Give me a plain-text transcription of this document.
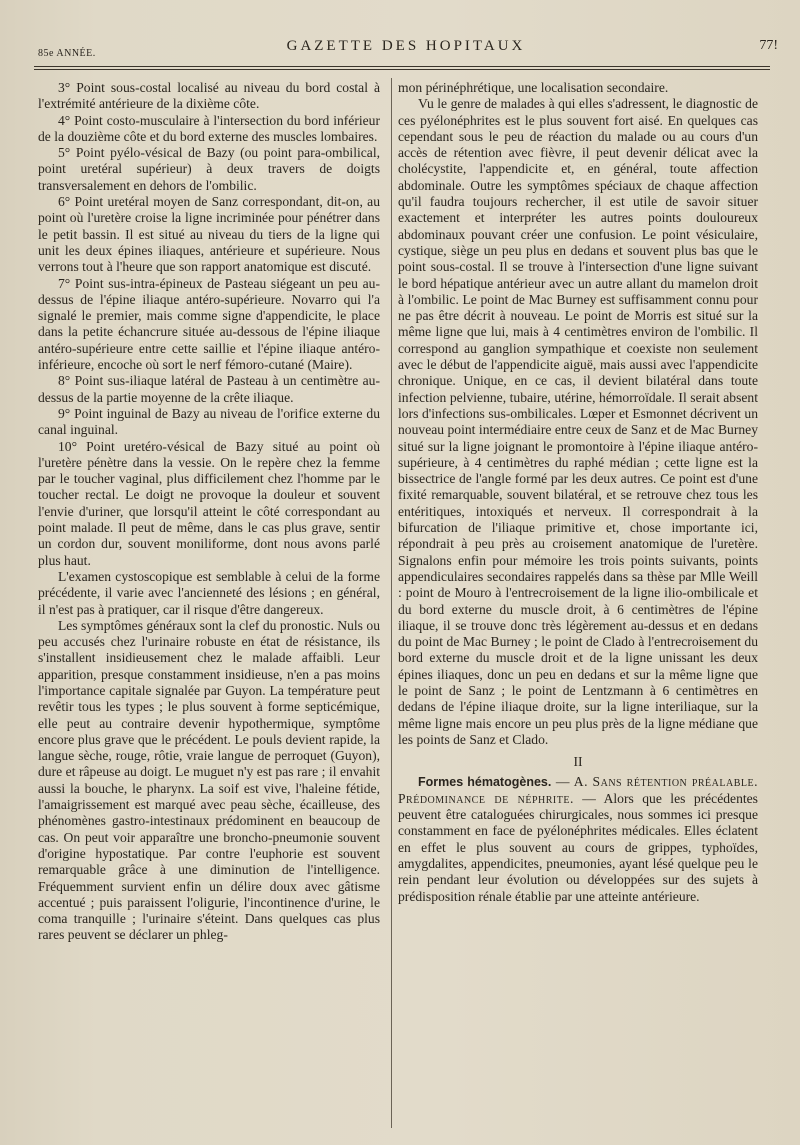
85e ANNÉE.	GAZETTE DES HOPITAUX	77!

3° Point sous-costal localisé au niveau du bord costal à l'extrémité antérieure de la dixième côte.

4° Point costo-musculaire à l'intersection du bord inférieur de la douzième côte et du bord externe des muscles lombaires.

5° Point pyélo-vésical de Bazy (ou point para-ombilical, point uretéral supérieur) à deux travers de doigts transversalement en dehors de l'ombilic.

6° Point uretéral moyen de Sanz correspondant, dit-on, au point où l'uretère croise la ligne incriminée pour pénétrer dans le petit bassin. Il est situé au niveau du tiers de la ligne qui unit les deux épines iliaques, antérieure et supérieure. Nous verrons tout à l'heure que son rapport anatomique est discuté.

7° Point sus-intra-épineux de Pasteau siégeant un peu au-dessus de l'épine iliaque antéro-supérieure. Novarro qui l'a signalé le premier, mais comme signe d'appendicite, le place dans la petite échancrure située au-dessous de l'épine iliaque antéro-supérieure entre cette saillie et l'épine iliaque antéro-inférieure, encoche où sort le nerf fémoro-cutané (Maire).

8° Point sus-iliaque latéral de Pasteau à un centimètre au-dessus de la partie moyenne de la crête iliaque.

9° Point inguinal de Bazy au niveau de l'orifice externe du canal inguinal.

10° Point uretéro-vésical de Bazy situé au point où l'uretère pénètre dans la vessie. On le repère chez la femme par le toucher vaginal, plus difficilement chez l'homme par le toucher rectal. Le doigt ne provoque la douleur et souvent l'envie d'uriner, que lorsqu'il atteint le côté correspondant au point malade. Il peut de même, dans le cas plus grave, sentir un cordon dur, souvent moniliforme, dont nous avons parlé plus haut.

L'examen cystoscopique est semblable à celui de la forme précédente, il varie avec l'ancienneté des lésions ; en général, il n'est pas à pratiquer, car il risque d'être dangereux.

Les symptômes généraux sont la clef du pronostic. Nuls ou peu accusés chez l'urinaire robuste en état de résistance, ils s'installent insidieusement chez le malade affaibli. Leur apparition, presque constamment insidieuse, n'en a pas moins l'importance capitale signalée par Guyon. La température peut revêtir tous les types ; le plus souvent à forme septicémique, elle peut au contraire devenir hypothermique, symptôme encore plus grave que le précédent. Le pouls devient rapide, la langue sèche, rouge, rôtie, vraie langue de perroquet (Guyon), dure et râpeuse au doigt. Le muguet n'y est pas rare ; il envahit aussi la bouche, le pharynx. La soif est vive, l'haleine fétide, l'amaigrissement est marqué avec peau sèche, écailleuse, des phénomènes gastro-intestinaux prédominent en beaucoup de cas. On peut voir apparaître une broncho-pneumonie souvent d'origine hypostatique. Par contre l'euphorie est souvent remarquable grâce à une diminution de l'intelligence. Fréquemment survient enfin un délire doux avec gâtisme accentué ; puis paraissent l'oligurie, l'incontinence d'urine, le coma tranquille ; l'urinaire s'éteint. Dans quelques cas plus rares peuvent se déclarer un phleg-

mon périnéphrétique, une localisation secondaire.

Vu le genre de malades à qui elles s'adressent, le diagnostic de ces pyélonéphrites est le plus souvent fort aisé. En quelques cas cependant sous le peu de réaction du malade ou au cours d'un accès de rétention avec fièvre, il peut devenir délicat avec la cholécystite, l'appendicite et, en général, toute affection abdominale. Outre les symptômes spéciaux de chaque affection qu'il faudra toujours rechercher, il est utile de savoir situer exactement et interpréter les autres points douloureux abdominaux pouvant créer une confusion. Le point vésiculaire, cystique, siège un peu plus en dedans et souvent plus bas que le point sous-costal. Il se trouve à l'intersection d'une ligne suivant le bord hépatique antérieur avec un autre allant du mamelon droit à l'ombilic. Le point de Mac Burney est suffisamment connu pour ne pas être décrit à nouveau. Le point de Morris est situé sur la même ligne que lui, mais à 4 centimètres environ de l'ombilic. Il correspond au ganglion sympathique et coexiste non seulement avec le début de l'appendicite aiguë, mais aussi avec l'appendicite chronique. Unique, en ce cas, il devient bilatéral dans toute infection pelvienne, tubaire, utérine, hémorroïdale. Il serait absent lors d'infections sus-ombilicales. Lœper et Esmonnet décrivent un nouveau point intermédiaire entre ceux de Sanz et de Mac Burney situé sur la ligne joignant le promontoire à l'épine iliaque antéro-supérieure, à 4 centimètres du raphé médian ; cette ligne est la bissectrice de l'angle formé par les deux autres. Ce point est d'une fixité remarquable, souvent bilatéral, et se retrouve chez tous les entéritiques, intoxiqués et nerveux. Il correspondrait à la bifurcation de l'iliaque primitive et, chose importante ici, répondrait à peu près au croisement anatomique de l'uretère. Signalons enfin pour mémoire les trois points suivants, points appendiculaires secondaires rappelés dans sa thèse par Mlle Weill : point de Mouro à l'entrecroisement de la ligne ilio-ombilicale et du bord externe du muscle droit, à 6 centimètres de l'épine iliaque, il se trouve donc très légèrement au-dessus et en dedans du point de Mac Burney ; le point de Clado à l'entrecroisement du bord externe du muscle droit et de la ligne unissant les deux épines iliaques, donc un peu en dedans et sur la même ligne que le point de Sanz ; le point de Lentzmann à 6 centimètres en dedans de l'épine iliaque droite, sur la ligne interiliaque, sur la même ligne mais encore un peu plus près de la ligne médiane que les points de Sanz et Clado.

II

Formes hématogènes. — A. Sans rétention préalable. Prédominance de néphrite. — Alors que les précédentes peuvent être cataloguées chirurgicales, nous sommes ici presque constamment en face de pyélonéphrites médicales. Elles éclatent en effet le plus souvent au cours de grippes, typhoïdes, amygdalites, appendicites, pneumonies, ayant lésé quelque peu le rein pendant leur évolution ou développées sur des sujets à prédisposition rénale établie par une atteinte antérieure.
